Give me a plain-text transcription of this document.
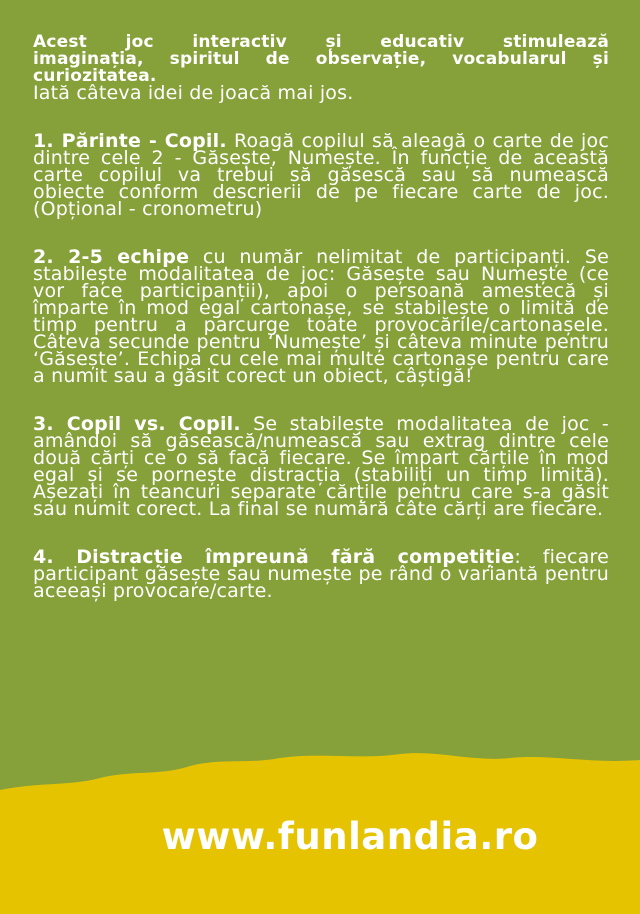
Acest joc interactiv și educativ stimulează imaginația, spiritul de observație, vocabularul și curiozitatea.
Iată câteva idei de joacă mai jos.

1. Părinte - Copil. Roagă copilul să aleagă o carte de joc dintre cele 2 - Găsește, Numește. În funcție de această carte copilul va trebui să găsescă sau să numească obiecte conform descrierii de pe fiecare carte de joc. (Opțional - cronometru)

2. 2-5 echipe cu număr nelimitat de participanți. Se stabilește modalitatea de joc: Găsește sau Numește (ce vor face participanții), apoi o persoană amestecă și împarte în mod egal cartonașe, se stabilește o limită de timp pentru a parcurge toate provocările/cartonașele. Câteva secunde pentru ‘Numește’ și câteva minute pentru ‘Găsește’. Echipa cu cele mai multe cartonașe pentru care a numit sau a găsit corect un obiect, câștigă!

3. Copil vs. Copil. Se stabilește modalitatea de joc - amândoi să găsească/numească sau extrag dintre cele două cărți ce o să facă fiecare. Se împart cărțile în mod egal și se pornește distracția (stabiliți un timp limită). Așezați în teancuri separate cărțile pentru care s-a găsit sau numit corect. La final se numără câte cărți are fiecare.

4. Distracție împreună fără competiție: fiecare participant găsește sau numește pe rând o variantă pentru aceeași provocare/carte.

www.funlandia.ro
